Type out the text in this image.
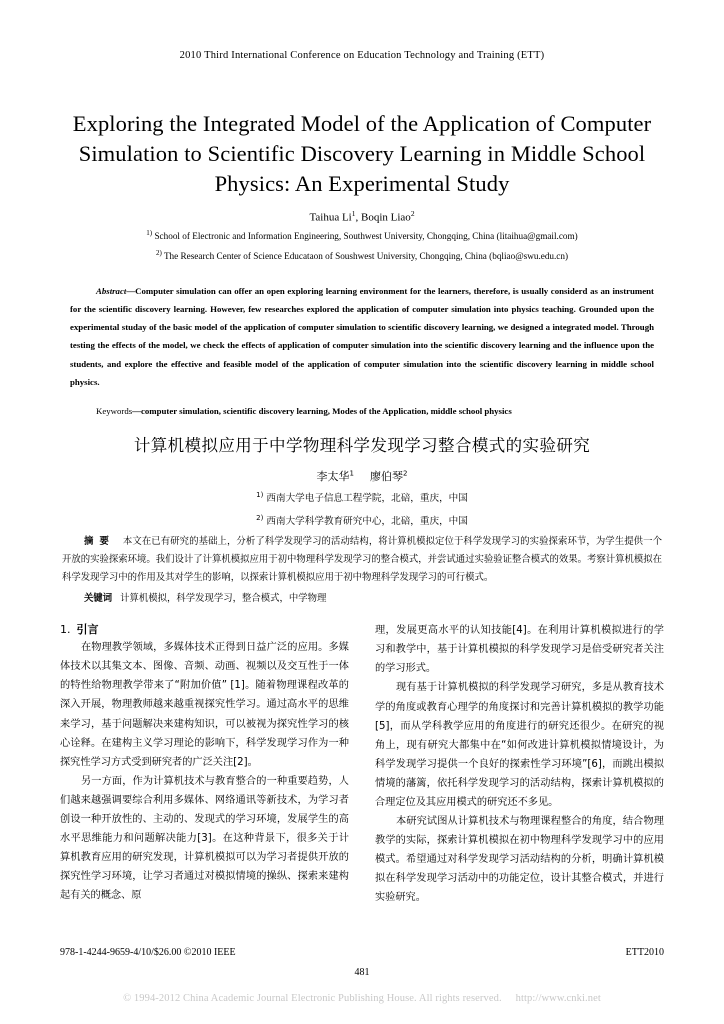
2010 Third International Conference on Education Technology and Training (ETT)
Exploring the Integrated Model of the Application of Computer Simulation to Scientific Discovery Learning in Middle School Physics: An Experimental Study
Taihua Li$^1$, Boqin Liao$^2$
$^{1)}$ School of Electronic and Information Engineering, Southwest University, Chongqing, China (litaihua@gmail.com)
$^{2)}$ The Research Center of Science Educataon of Soushwest University, Chongqing, China (bqliao@swu.edu.cn)

Abstract—Computer simulation can offer an open exploring learning environment for the learners, therefore, is usually considerd as an instrument for the scientific discovery learning. However, few researches explored the application of computer simulation into physics teaching. Grounded upon the experimental studay of the basic model of the application of computer simulation to scientific discovery learning, we designed a integrated model. Through testing the effects of the model, we check the effects of application of computer simulation into the scientific discovery learning and the influence upon the students, and explore the effective and feasible model of the application of computer simulation into the scientific discovery learning in middle school physics.

Keywords—computer simulation, scientific discovery learning, Modes of the Application, middle school physics

计算机模拟应用于中学物理科学发现学习整合模式的实验研究
李太华$^1$ 廖伯琴$^2$
$^{1)}$ 西南大学电子信息工程学院，北碚，重庆，中国
$^{2)}$ 西南大学科学教育研究中心，北碚，重庆，中国

摘要 本文在已有研究的基础上，分析了科学发现学习的活动结构，将计算机模拟定位于科学发现学习的实验探索环节，为学生提供一个开放的实验探索环境。我们设计了计算机模拟应用于初中物理科学发现学习的整合模式，并尝试通过实验验证整合模式的效果。考察计算机模拟在科学发现学习中的作用及其对学生的影响，以探索计算机模拟应用于初中物理科学发现学习的可行模式。

关键词 计算机模拟，科学发现学习，整合模式，中学物理

1. 引言

在物理教学领域，多媒体技术正得到日益广泛的应用。多媒体技术以其集文本、图像、音频、动画、视频以及交互性于一体的特性给物理教学带来了“附加价值” [1]。随着物理课程改革的深入开展，物理教师越来越重视探究性学习。通过高水平的思维来学习，基于问题解决来建构知识，可以被视为探究性学习的核心诠释。在建构主义学习理论的影响下，科学发现学习作为一种探究性学习方式受到研究者的广泛关注[2]。

另一方面，作为计算机技术与教育整合的一种重要趋势，人们越来越强调要综合利用多媒体、网络通讯等新技术，为学习者创设一种开放性的、主动的、发现式的学习环境，发展学生的高水平思维能力和问题解决能力[3]。在这种背景下，很多关于计算机教育应用的研究发现，计算机模拟可以为学习者提供开放的探究性学习环境，让学习者通过对模拟情境的操纵、探索来建构起有关的概念、原

理，发展更高水平的认知技能[4]。在利用计算机模拟进行的学习和教学中，基于计算机模拟的科学发现学习是倍受研究者关注的学习形式。

现有基于计算机模拟的科学发现学习研究，多是从教育技术学的角度或教育心理学的角度探讨和完善计算机模拟的教学功能[5]，而从学科教学应用的角度进行的研究还很少。在研究的视角上，现有研究大都集中在“如何改进计算机模拟情境设计，为科学发现学习提供一个良好的探索性学习环境”[6]，而跳出模拟情境的藩篱，依托科学发现学习的活动结构，探索计算机模拟的合理定位及其应用模式的研究还不多见。

本研究试图从计算机技术与物理课程整合的角度，结合物理教学的实际，探索计算机模拟在初中物理科学发现学习中的应用模式。希望通过对科学发现学习活动结构的分析，明确计算机模拟在科学发现学习活动中的功能定位，设计其整合模式，并进行实验研究。

978-1-4244-9659-4/10/$26.00 ©2010 IEEE	ETT2010
481
© 1994-2012 China Academic Journal Electronic Publishing House. All rights reserved. http://www.cnki.net
